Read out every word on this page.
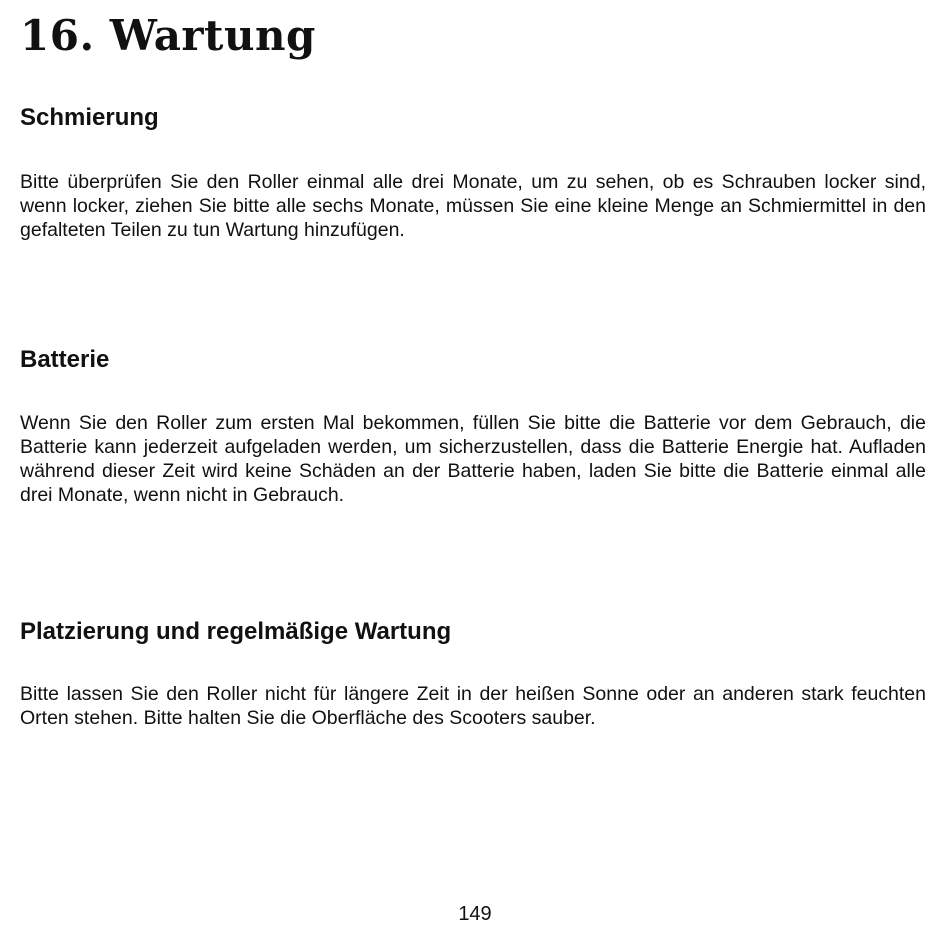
16. Wartung
Schmierung

Bitte überprüfen Sie den Roller einmal alle drei Monate, um zu sehen, ob es Schrauben locker sind, wenn locker, ziehen Sie bitte alle sechs Monate, müssen Sie eine kleine Menge an Schmiermittel in den gefalteten Teilen zu tun Wartung hinzufügen.

Batterie

Wenn Sie den Roller zum ersten Mal bekommen, füllen Sie bitte die Batterie vor dem Gebrauch, die Batterie kann jederzeit aufgeladen werden, um sicherzustellen, dass die Batterie Energie hat. Aufladen während dieser Zeit wird keine Schäden an der Batterie haben, laden Sie bitte die Batterie einmal alle drei Monate, wenn nicht in Gebrauch.

Platzierung und regelmäßige Wartung

Bitte lassen Sie den Roller nicht für längere Zeit in der heißen Sonne oder an anderen stark feuchten Orten stehen. Bitte halten Sie die Oberfläche des Scooters sauber.

149
